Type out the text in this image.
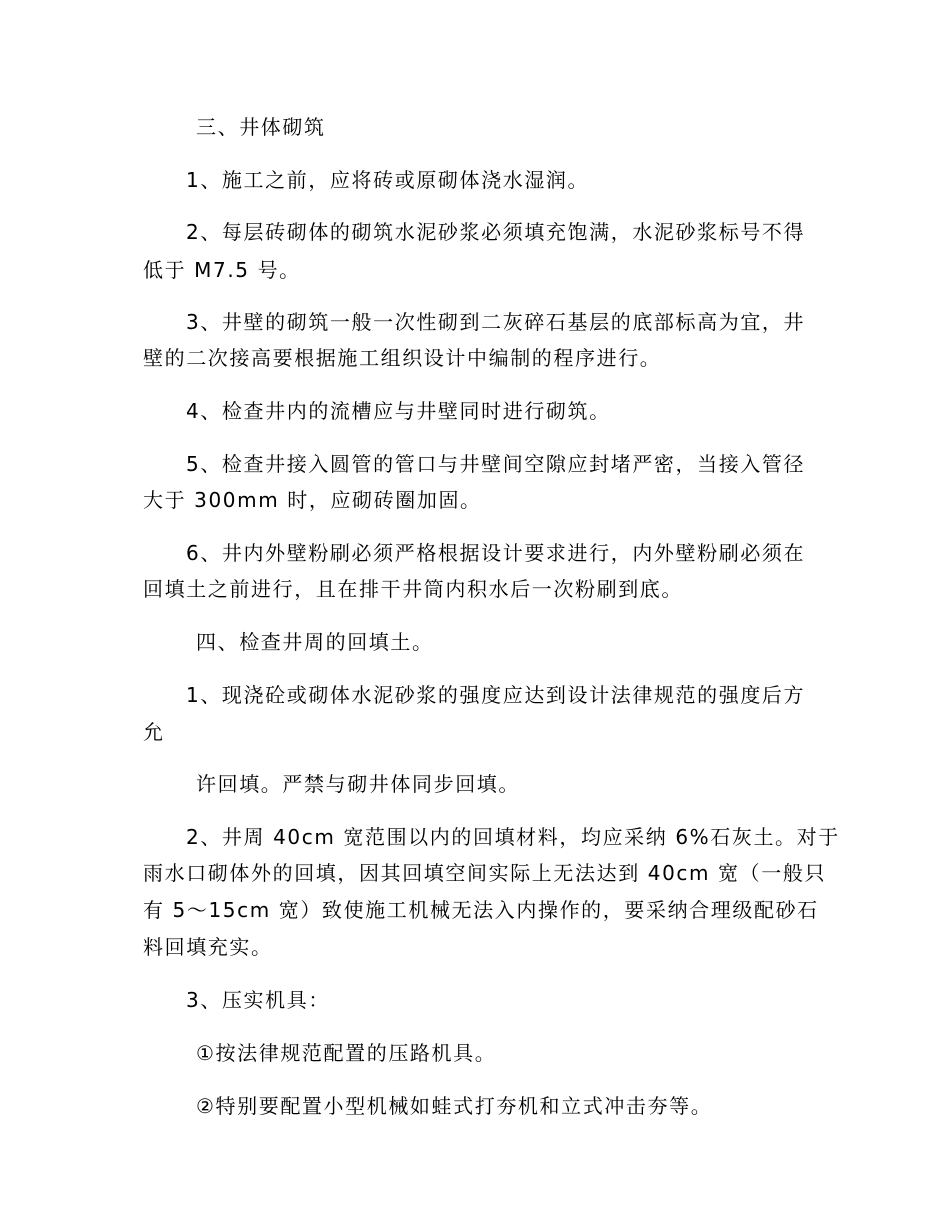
三、井体砌筑
1、施工之前，应将砖或原砌体浇水湿润。
2、每层砖砌体的砌筑水泥砂浆必须填充饱满，水泥砂浆标号不得
低于 M7.5 号。
3、井壁的砌筑一般一次性砌到二灰碎石基层的底部标高为宜，井
壁的二次接高要根据施工组织设计中编制的程序进行。
4、检查井内的流槽应与井壁同时进行砌筑。
5、检查井接入圆管的管口与井壁间空隙应封堵严密，当接入管径
大于 300mm 时，应砌砖圈加固。
6、井内外壁粉刷必须严格根据设计要求进行，内外壁粉刷必须在
回填土之前进行，且在排干井筒内积水后一次粉刷到底。
四、检查井周的回填土。
1、现浇砼或砌体水泥砂浆的强度应达到设计法律规范的强度后方
允
许回填。严禁与砌井体同步回填。
2、井周 40cm 宽范围以内的回填材料，均应采纳 6%石灰土。对于
雨水口砌体外的回填，因其回填空间实际上无法达到 40cm 宽（一般只
有 5～15cm 宽）致使施工机械无法入内操作的，要采纳合理级配砂石
料回填充实。
3、压实机具：
①按法律规范配置的压路机具。
②特别要配置小型机械如蛙式打夯机和立式冲击夯等。
